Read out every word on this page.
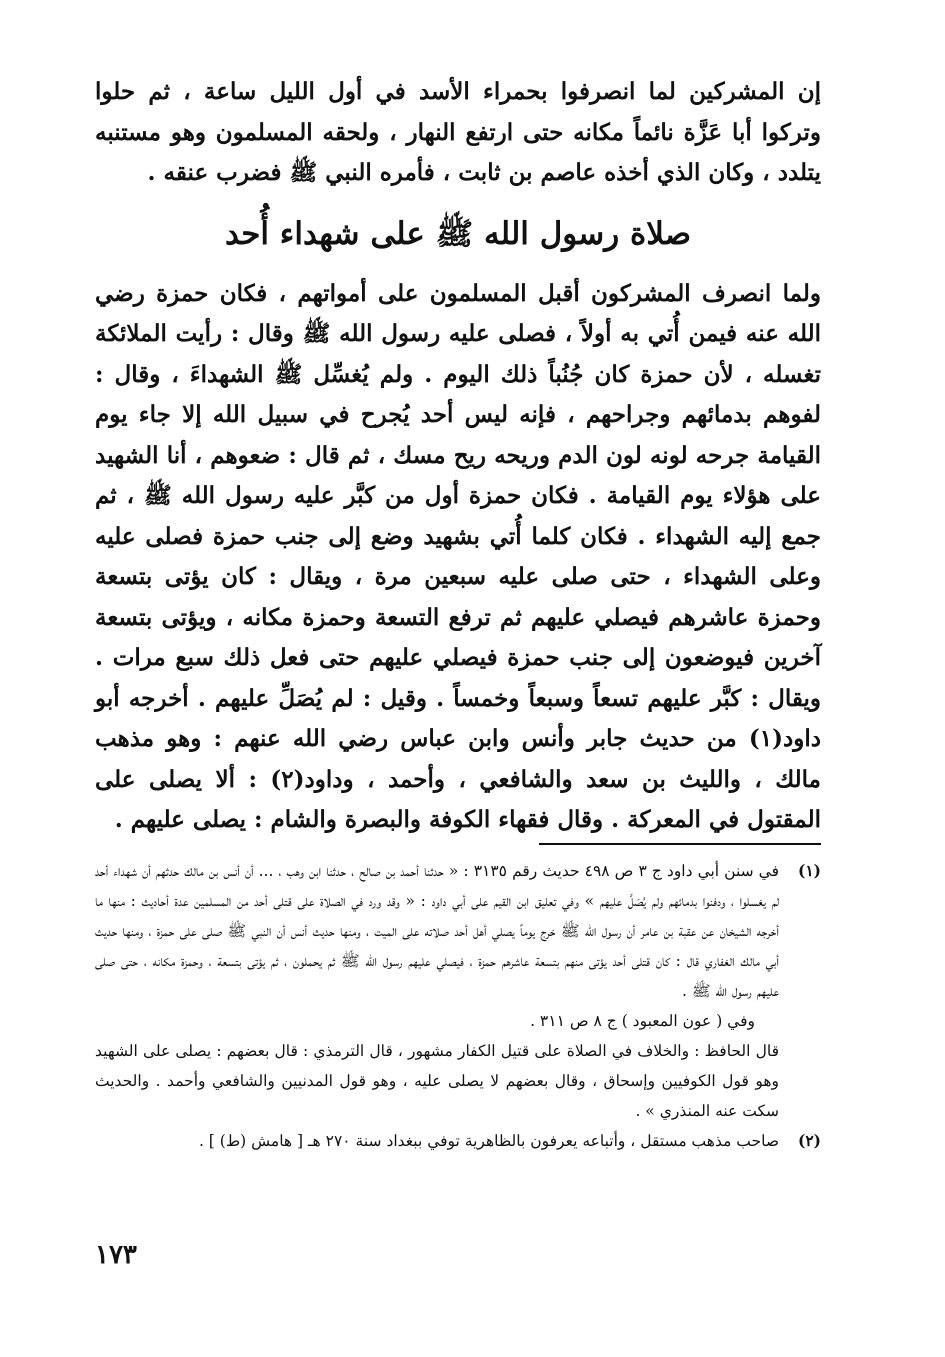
إن المشركين لما انصرفوا بحمراء الأسد في أول الليل ساعة ، ثم حلوا وتركوا أبا عَزَّة نائماً مكانه حتى ارتفع النهار ، ولحقه المسلمون وهو مستنبه يتلدد ، وكان الذي أخذه عاصم بن ثابت ، فأمره النبي ﷺ فضرب عنقه .

صلاة رسول الله ﷺ على شهداء أُحد

ولما انصرف المشركون أقبل المسلمون على أمواتهم ، فكان حمزة رضي الله عنه فيمن أُتي به أولاً ، فصلى عليه رسول الله ﷺ وقال : رأيت الملائكة تغسله ، لأن حمزة كان جُنُباً ذلك اليوم . ولم يُغسِّل ﷺ الشهداءَ ، وقال : لفوهم بدمائهم وجراحهم ، فإنه ليس أحد يُجرح في سبيل الله إلا جاء يوم القيامة جرحه لونه لون الدم وريحه ريح مسك ، ثم قال : ضعوهم ، أنا الشهيد على هؤلاء يوم القيامة . فكان حمزة أول من كبَّر عليه رسول الله ﷺ ، ثم جمع إليه الشهداء . فكان كلما أُتي بشهيد وضع إلى جنب حمزة فصلى عليه وعلى الشهداء ، حتى صلى عليه سبعين مرة ، ويقال : كان يؤتى بتسعة وحمزة عاشرهم فيصلي عليهم ثم ترفع التسعة وحمزة مكانه ، ويؤتى بتسعة آخرين فيوضعون إلى جنب حمزة فيصلي عليهم حتى فعل ذلك سبع مرات . ويقال : كبَّر عليهم تسعاً وسبعاً وخمساً . وقيل : لم يُصَلِّ عليهم . أخرجه أبو داود(١) من حديث جابر وأنس وابن عباس رضي الله عنهم : وهو مذهب مالك ، والليث بن سعد والشافعي ، وأحمد ، وداود(٢) : ألا يصلى على المقتول في المعركة . وقال فقهاء الكوفة والبصرة والشام : يصلى عليهم .

(١)

في سنن أبي داود ج ٣ ص ٤٩٨ حديث رقم ٣١٣٥ : « حدثنا أحمد بن صالح ، حدثنا ابن وهب ، ... أن أنس بن مالك حدثهم أن شهداء أحد لم يغسلوا ، ودفنوا بدمائهم ولم يُصَلَّ عليهم » وفي تعليق ابن القيم على أبي داود : « وقد ورد في الصلاة على قتلى أحد من المسلمين عدة أحاديث : منها ما أخرجه الشيخان عن عقبة بن عامر أن رسول الله ﷺ خرج يوماً يصلي أهل أحد صلاته على الميت ، ومنها حديث أنس أن النبي ﷺ صلى على حمزة ، ومنها حديث أبي مالك الغفاري قال : كان قتلى أحد يؤتى منهم بتسعة عاشرهم حمزة ، فيصلي عليهم رسول الله ﷺ ثم يحملون ، ثم يؤتى بتسعة ، وحمزة مكانه ، حتى صلى عليهم رسول الله ﷺ .

وفي ( عون المعبود ) ج ٨ ص ٣١١ .

قال الحافظ : والخلاف في الصلاة على قتيل الكفار مشهور ، قال الترمذي : قال بعضهم : يصلى على الشهيد وهو قول الكوفيين وإسحاق ، وقال بعضهم لا يصلى عليه ، وهو قول المدنيين والشافعي وأحمد . والحديث سكت عنه المنذري » .

(٢)

صاحب مذهب مستقل ، وأتباعه يعرفون بالظاهرية توفي ببغداد سنة ٢٧٠ هـ [ هامش (ط) ] .

١٧٣
